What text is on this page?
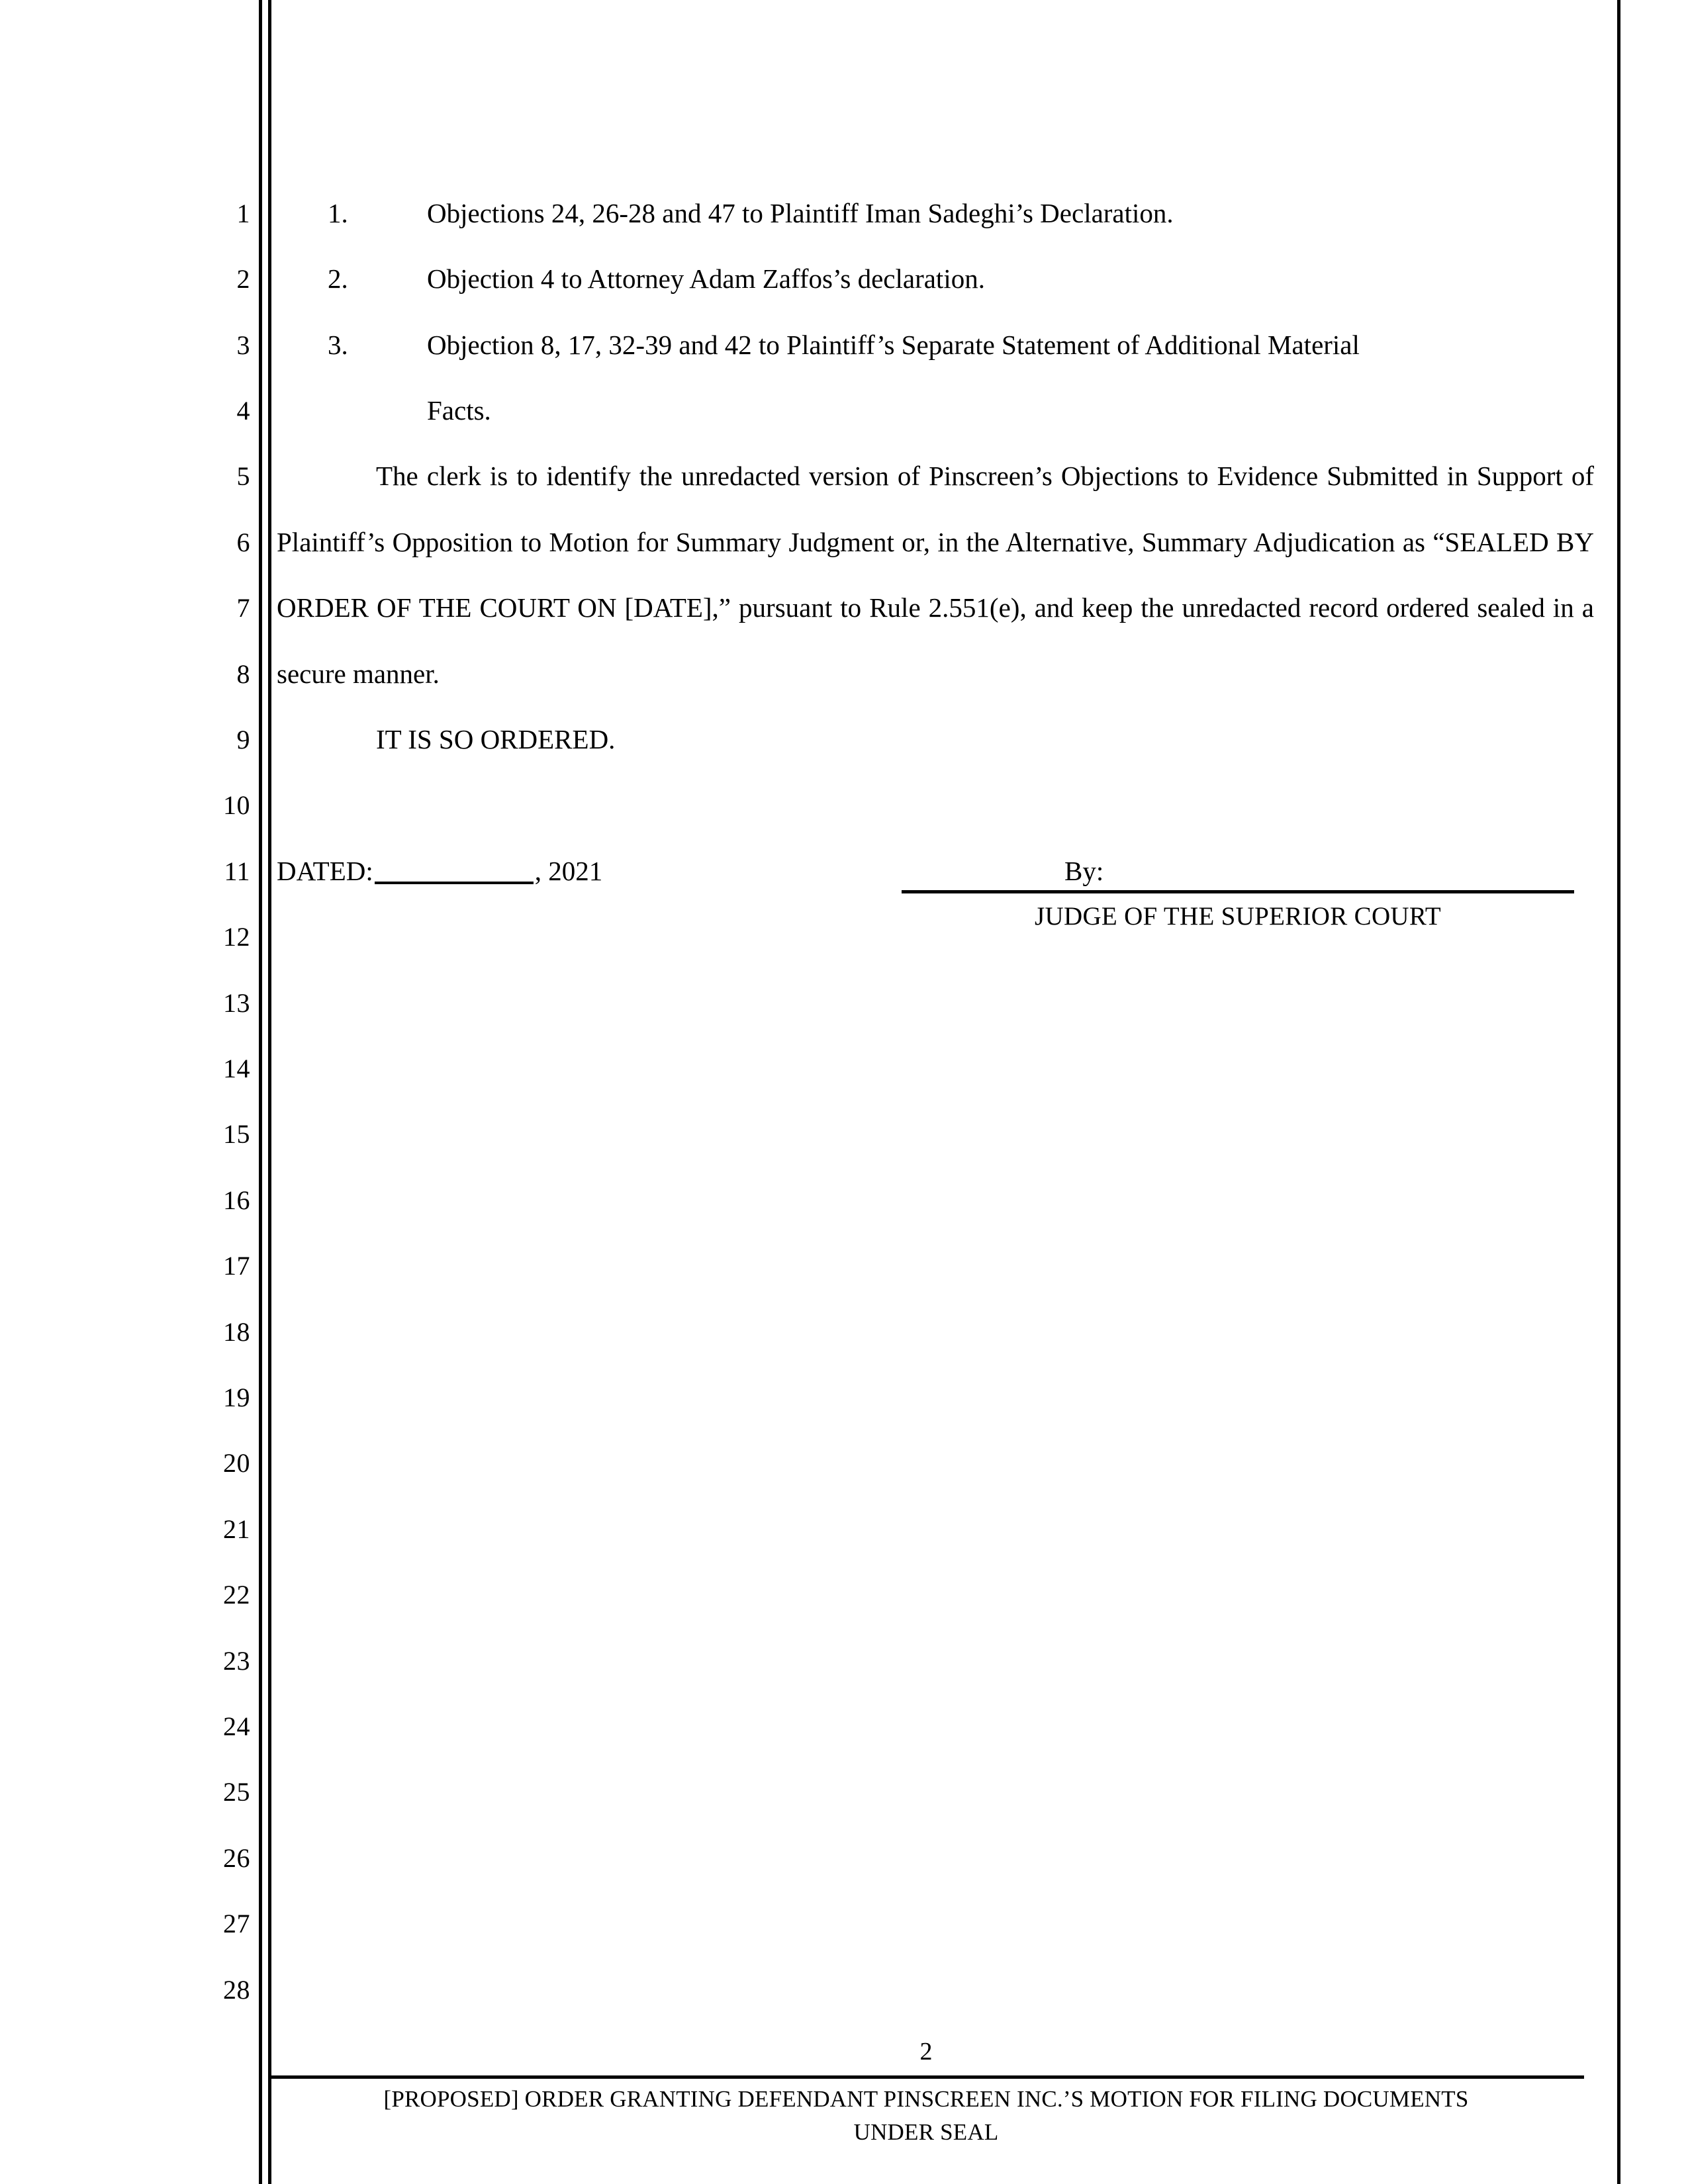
1
2
3
4
5
6
7
8
9
10
11
12
13
14
15
16
17
18
19
20
21
22
23
24
25
26
27
28
1.	Objections 24, 26-28 and 47 to Plaintiff Iman Sadeghi’s Declaration.
2.	Objection 4 to Attorney Adam Zaffos’s declaration.
3.	Objection 8, 17, 32-39 and 42 to Plaintiff’s Separate Statement of Additional Material
Facts.
The clerk is to identify the unredacted version of Pinscreen’s Objections to Evidence Submitted in Support of Plaintiff’s Opposition to Motion for Summary Judgment or, in the Alternative, Summary Adjudication as “SEALED BY ORDER OF THE COURT ON [DATE],” pursuant to Rule 2.551(e), and keep the unredacted record ordered sealed in a secure manner.
IT IS SO ORDERED.
DATED:	, 2021	By:
JUDGE OF THE SUPERIOR COURT
2
[PROPOSED] ORDER GRANTING DEFENDANT PINSCREEN INC.’S MOTION FOR FILING DOCUMENTS
UNDER SEAL
